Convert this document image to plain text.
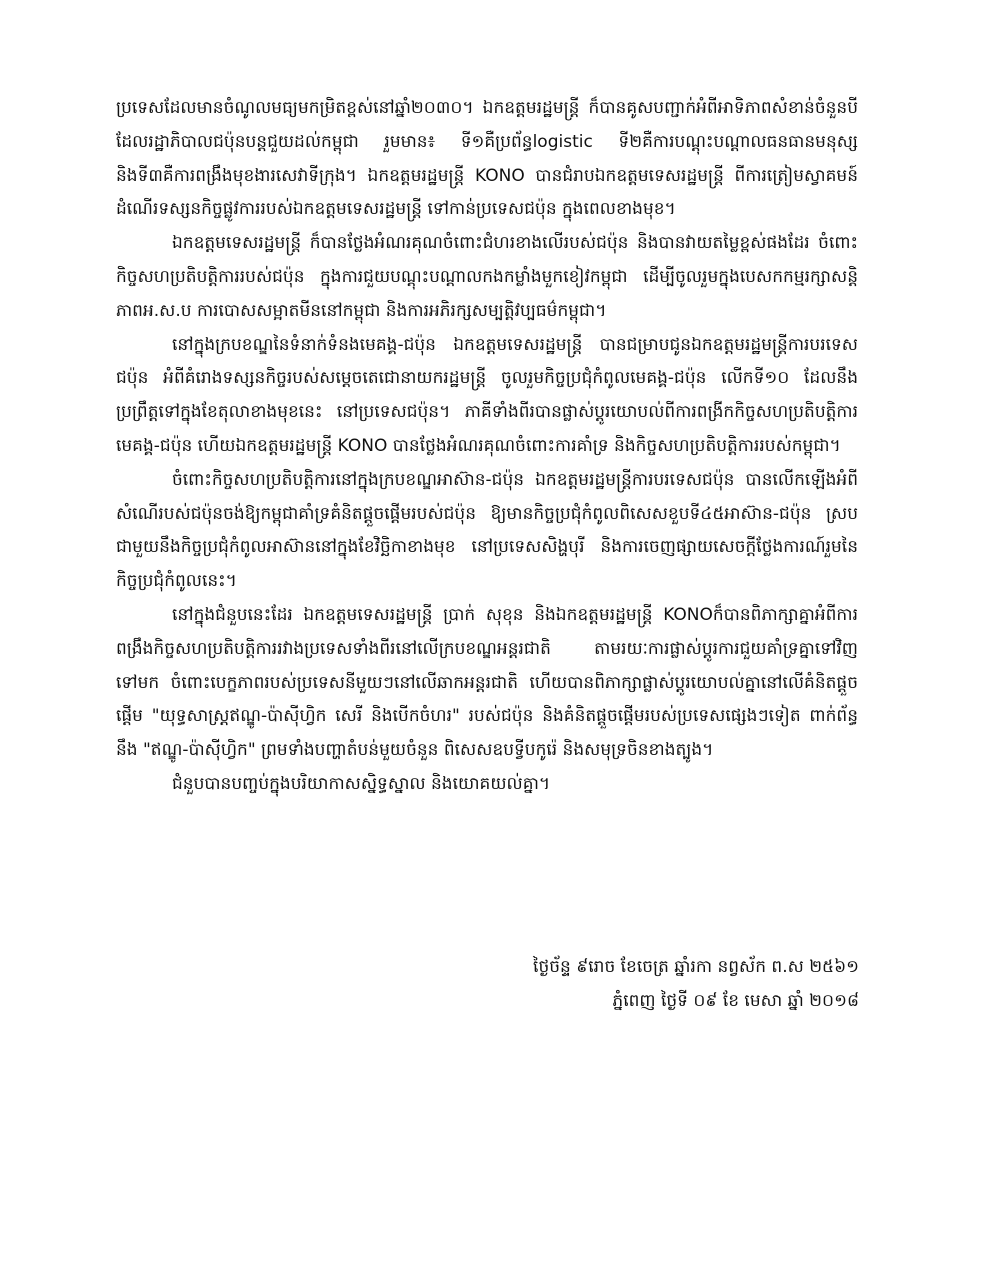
ប្រទេសដែលមានចំណូលមធ្យមកម្រិតខ្ពស់នៅឆ្នាំ២០៣០។ ឯកឧត្តមរដ្ឋមន្ត្រី ក៏បានគូសបញ្ជាក់អំពីអាទិភាពសំខាន់ចំនួនបីដែលរដ្ឋាភិបាលជប៉ុនបន្តជួយដល់កម្ពុជា រួមមាន៖ ទី១គឺប្រព័ន្ធlogistic ទី២គឺការបណ្តុះបណ្តាលធនធានមនុស្ស និងទី៣គឺការពង្រឹងមុខងារសេវាទីក្រុង។ ឯកឧត្តមរដ្ឋមន្ត្រី KONO បានជំរាបឯកឧត្តមទេសរដ្ឋមន្ត្រី ពីការត្រៀមស្វាគមន៍ដំណើរទស្សនកិច្ចផ្លូវការរបស់ឯកឧត្តមទេសរដ្ឋមន្ត្រី ទៅកាន់ប្រទេសជប៉ុន ក្នុងពេលខាងមុខ។

ឯកឧត្តមទេសរដ្ឋមន្ត្រី ក៏បានថ្លែងអំណរគុណចំពោះជំហរខាងលើរបស់ជប៉ុន និងបានវាយតម្លៃខ្ពស់ផងដែរ ចំពោះកិច្ចសហប្រតិបត្តិការរបស់ជប៉ុន ក្នុងការជួយបណ្តុះបណ្តាលកងកម្លាំងមួកខៀវកម្ពុជា ដើម្បីចូលរួមក្នុងបេសកកម្មរក្សាសន្តិភាពអ.ស.ប ការបោសសម្អាតមីននៅកម្ពុជា និងការអភិរក្សសម្បត្តិវប្បធម៌កម្ពុជា។

នៅក្នុងក្របខណ្ឌនៃទំនាក់ទំនងមេគង្គ-ជប៉ុន ឯកឧត្តមទេសរដ្ឋមន្ត្រី បានជម្រាបជូនឯកឧត្តមរដ្ឋមន្ត្រីការបរទេសជប៉ុន អំពីគំរោងទស្សនកិច្ចរបស់សម្តេចតេជោនាយករដ្ឋមន្ត្រី ចូលរួមកិច្ចប្រជុំកំពូលមេគង្គ-ជប៉ុន លើកទី១០ ដែលនឹងប្រព្រឹត្តទៅក្នុងខែតុលាខាងមុខនេះ នៅប្រទេសជប៉ុន។ ភាគីទាំងពីរបានផ្លាស់ប្តូរយោបល់ពីការពង្រីកកិច្ចសហប្រតិបត្តិការមេគង្គ-ជប៉ុន ហើយឯកឧត្តមរដ្ឋមន្ត្រី KONO បានថ្លែងអំណរគុណចំពោះការគាំទ្រ និងកិច្ចសហប្រតិបត្តិការរបស់កម្ពុជា។

ចំពោះកិច្ចសហប្រតិបត្តិការនៅក្នុងក្របខណ្ឌអាស៊ាន-ជប៉ុន ឯកឧត្តមរដ្ឋមន្ត្រីការបរទេសជប៉ុន បានលើកឡើងអំពីសំណើរបស់ជប៉ុនចង់ឱ្យកម្ពុជាគាំទ្រគំនិតផ្តួចផ្តើមរបស់ជប៉ុន ឱ្យមានកិច្ចប្រជុំកំពូលពិសេសខួបទី៤៥អាស៊ាន-ជប៉ុន ស្របជាមួយនឹងកិច្ចប្រជុំកំពូលអាស៊ាននៅក្នុងខែវិច្ឆិកាខាងមុខ នៅប្រទេសសិង្ហបុរី និងការចេញផ្សាយសេចក្តីថ្លែងការណ៍រួមនៃកិច្ចប្រជុំកំពូលនេះ។

នៅក្នុងជំនួបនេះដែរ ឯកឧត្តមទេសរដ្ឋមន្ត្រី ប្រាក់ សុខុន និងឯកឧត្តមរដ្ឋមន្ត្រី KONOក៏បានពិភាក្សាគ្នាអំពីការពង្រឹងកិច្ចសហប្រតិបត្តិការរវាងប្រទេសទាំងពីរនៅលើក្របខណ្ឌអន្តរជាតិ តាមរយៈការផ្លាស់ប្តូរការជួយគាំទ្រគ្នាទៅវិញទៅមក ចំពោះបេក្ខភាពរបស់ប្រទេសនីមួយៗនៅលើឆាកអន្តរជាតិ ហើយបានពិភាក្សាផ្លាស់ប្តូរយោបល់គ្នានៅលើគំនិតផ្តួចផ្តើម "យុទ្ធសាស្ត្រឥណ្ឌូ-ប៉ាស៊ីហ្វិក សេរី និងបើកចំហរ" របស់ជប៉ុន និងគំនិតផ្តួចផ្តើមរបស់ប្រទេសផ្សេងៗទៀត ពាក់ព័ន្ធនឹង "ឥណ្ឌូ-ប៉ាស៊ីហ្វិក" ព្រមទាំងបញ្ហាតំបន់មួយចំនួន ពិសេសឧបទ្វីបកូរ៉េ និងសមុទ្រចិនខាងត្បូង។

ជំនួបបានបញ្ចប់ក្នុងបរិយាកាសស្និទ្ធស្នាល និងយោគយល់គ្នា។

ថ្ងៃច័ន្ទ ៩រោច ខែចេត្រ ឆ្នាំរកា នព្វស័ក ព.ស ២៥៦១
ភ្នំពេញ ថ្ងៃទី ០៩ ខែ មេសា ឆ្នាំ ២០១៨
